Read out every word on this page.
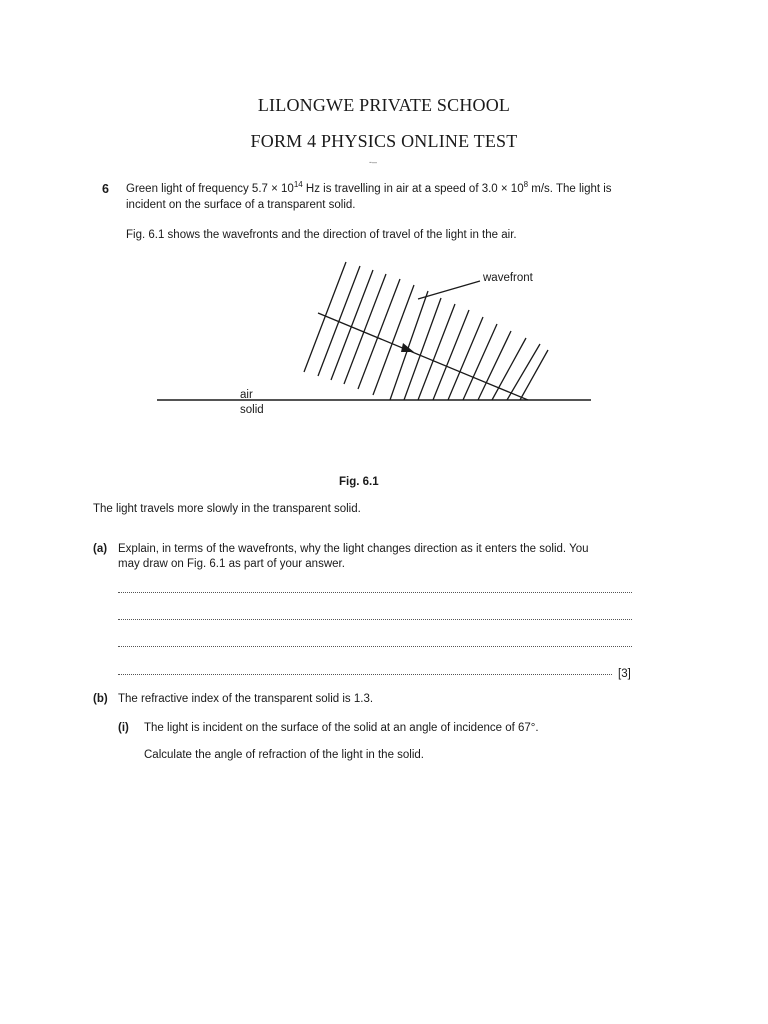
LILONGWE PRIVATE SCHOOL
FORM 4 PHYSICS ONLINE TEST
-–
6 Green light of frequency $5.7 \times 10^{14}$ Hz is travelling in air at a speed of $3.0 \times 10^8$ m/s. The light is
incident on the surface of a transparent solid.
Fig. 6.1 shows the wavefronts and the direction of travel of the light in the air.
wavefront
air
solid
Fig. 6.1
The light travels more slowly in the transparent solid.
(a) Explain, in terms of the wavefronts, why the light changes direction as it enters the solid. You
may draw on Fig. 6.1 as part of your answer.
[3]
(b) The refractive index of the transparent solid is 1.3.
(i) The light is incident on the surface of the solid at an angle of incidence of 67°.
Calculate the angle of refraction of the light in the solid.
